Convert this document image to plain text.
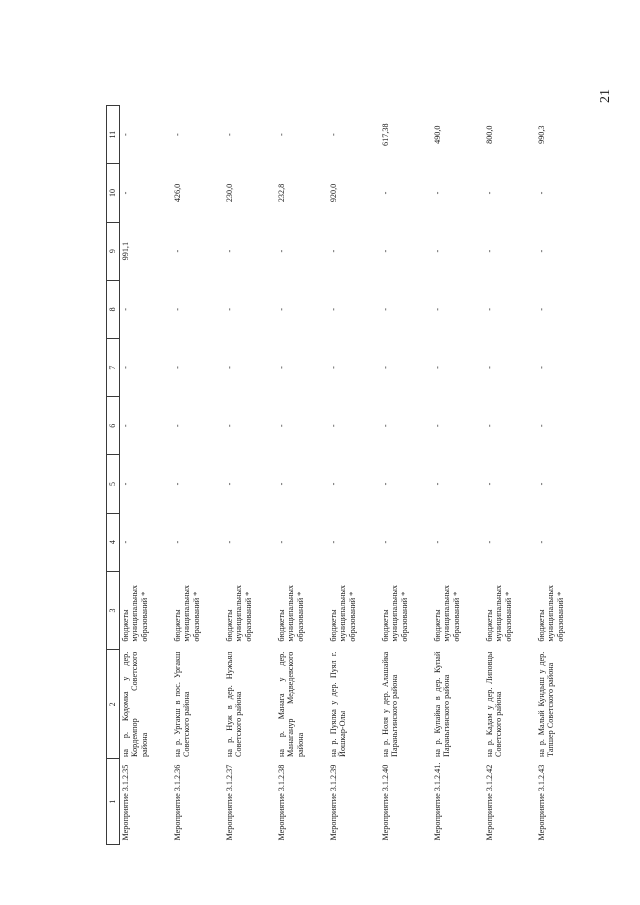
21
1	2	3	4	5	6	7	8	9	10	11
Мероприятие 3.1.2.35	на р. Кодомка у дер. Кордемпор Советского района	бюджеты муниципальных образований *	-	-	-	-	-	991,1	-	-
Мероприятие 3.1.2.36	на р. Ургакш в пос. Ургакш Советского района	бюджеты муниципальных образований *	-	-	-	-	-	-	426,0	-
Мероприятие 3.1.2.37	на р. Нуж в дер. Нужъял Советского района	бюджеты муниципальных образований *	-	-	-	-	-	-	230,0	-
Мероприятие 3.1.2.38	на р. Манага у дер. Манаганур Медведевского района	бюджеты муниципальных образований *	-	-	-	-	-	-	232,8	-
Мероприятие 3.1.2.39	на р. Пуялка у дер. Пуял г. Йошкар-Олы	бюджеты муниципальных образований *	-	-	-	-	-	-	920,0	-
Мероприятие 3.1.2.40	на р. Ноля у дер. Алашайка Параньгинского района	бюджеты муниципальных образований *	-	-	-	-	-	-	-	617,38
Мероприятие 3.1.2.41.	на р. Купайка в дер. Купай Параньгинского района	бюджеты муниципальных образований *	-	-	-	-	-	-	-	490,0
Мероприятие 3.1.2.42	на р. Кадам у дер. Липовцы Советского района	бюджеты муниципальных образований *	-	-	-	-	-	-	-	800,0
Мероприятие 3.1.2.43	на р. Малый Кундыш у дер. Тапшер Советского района	бюджеты муниципальных образований *	-	-	-	-	-	-	-	990,3
